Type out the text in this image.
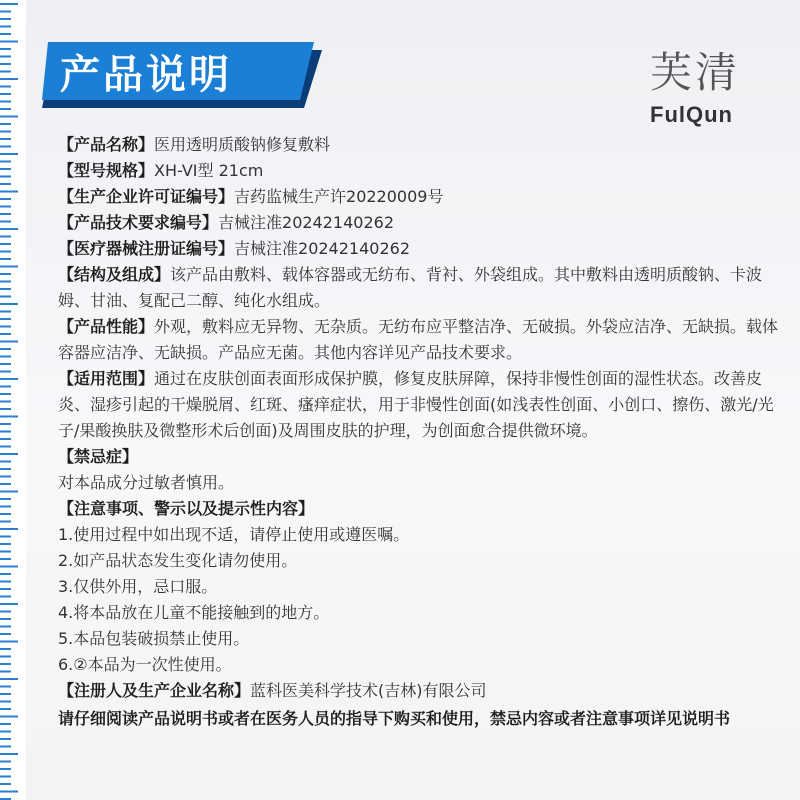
产品说明	芙清
FulQun

【产品名称】医用透明质酸钠修复敷料

【型号规格】XH-VI型 21cm

【生产企业许可证编号】吉药监械生产许20220009号

【产品技术要求编号】吉械注准20242140262

【医疗器械注册证编号】吉械注准20242140262

【结构及组成】该产品由敷料、载体容器或无纺布、背衬、外袋组成。其中敷料由透明质酸钠、卡波姆、甘油、复配己二醇、纯化水组成。

【产品性能】外观，敷料应无异物、无杂质。无纺布应平整洁净、无破损。外袋应洁净、无缺损。载体容器应洁净、无缺损。产品应无菌。其他内容详见产品技术要求。

【适用范围】通过在皮肤创面表面形成保护膜，修复皮肤屏障，保持非慢性创面的湿性状态。改善皮炎、湿疹引起的干燥脱屑、红斑、瘙痒症状，用于非慢性创面(如浅表性创面、小创口、擦伤、激光/光子/果酸换肤及微整形术后创面)及周围皮肤的护理，为创面愈合提供微环境。

【禁忌症】

对本品成分过敏者慎用。

【注意事项、警示以及提示性内容】

1.使用过程中如出现不适，请停止使用或遵医嘱。

2.如产品状态发生变化请勿使用。

3.仅供外用，忌口服。

4.将本品放在儿童不能接触到的地方。

5.本品包装破损禁止使用。

6.②本品为一次性使用。

【注册人及生产企业名称】蓝科医美科学技术(吉林)有限公司

请仔细阅读产品说明书或者在医务人员的指导下购买和使用，禁忌内容或者注意事项详见说明书
